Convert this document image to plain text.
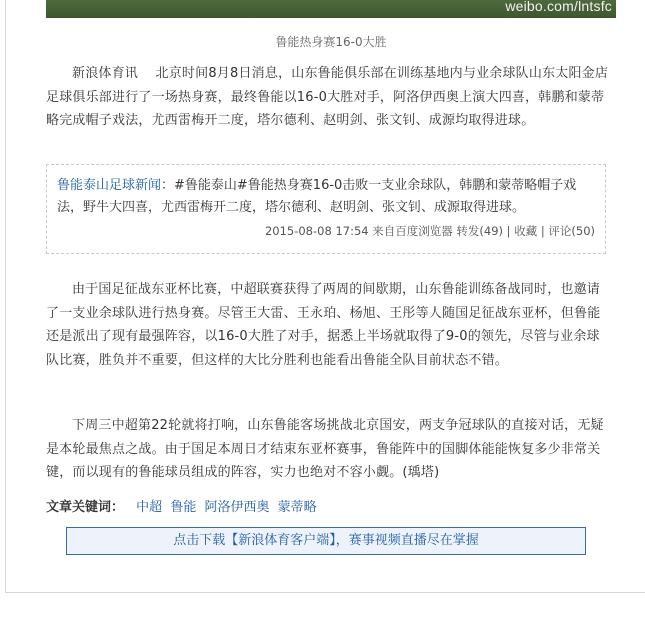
weibo.com/lntsfc
鲁能热身赛16-0大胜

新浪体育讯　 北京时间8月8日消息，山东鲁能俱乐部在训练基地内与业余球队山东太阳金店足球俱乐部进行了一场热身赛，最终鲁能以16-0大胜对手，阿洛伊西奥上演大四喜，韩鹏和蒙蒂略完成帽子戏法，尤西雷梅开二度，塔尔德利、赵明剑、张文钊、成源均取得进球。

鲁能泰山足球新闻：#鲁能泰山#鲁能热身赛16-0击败一支业余球队，韩鹏和蒙蒂略帽子戏法，野牛大四喜，尤西雷梅开二度，塔尔德利、赵明剑、张文钊、成源取得进球。

2015-08-08 17:54 来自百度浏览器 转发(49) | 收藏 | 评论(50)

由于国足征战东亚杯比赛，中超联赛获得了两周的间歇期，山东鲁能训练备战同时，也邀请了一支业余球队进行热身赛。尽管王大雷、王永珀、杨旭、王彤等人随国足征战东亚杯，但鲁能还是派出了现有最强阵容，以16-0大胜了对手，据悉上半场就取得了9-0的领先，尽管与业余球队比赛，胜负并不重要，但这样的大比分胜利也能看出鲁能全队目前状态不错。

下周三中超第22轮就将打响，山东鲁能客场挑战北京国安，两支争冠球队的直接对话，无疑是本轮最焦点之战。由于国足本周日才结束东亚杯赛事，鲁能阵中的国脚体能能恢复多少非常关键，而以现有的鲁能球员组成的阵容，实力也绝对不容小觑。(瑀塔)

文章关键词： 中超 鲁能 阿洛伊西奥 蒙蒂略
点击下载【新浪体育客户端】，赛事视频直播尽在掌握
